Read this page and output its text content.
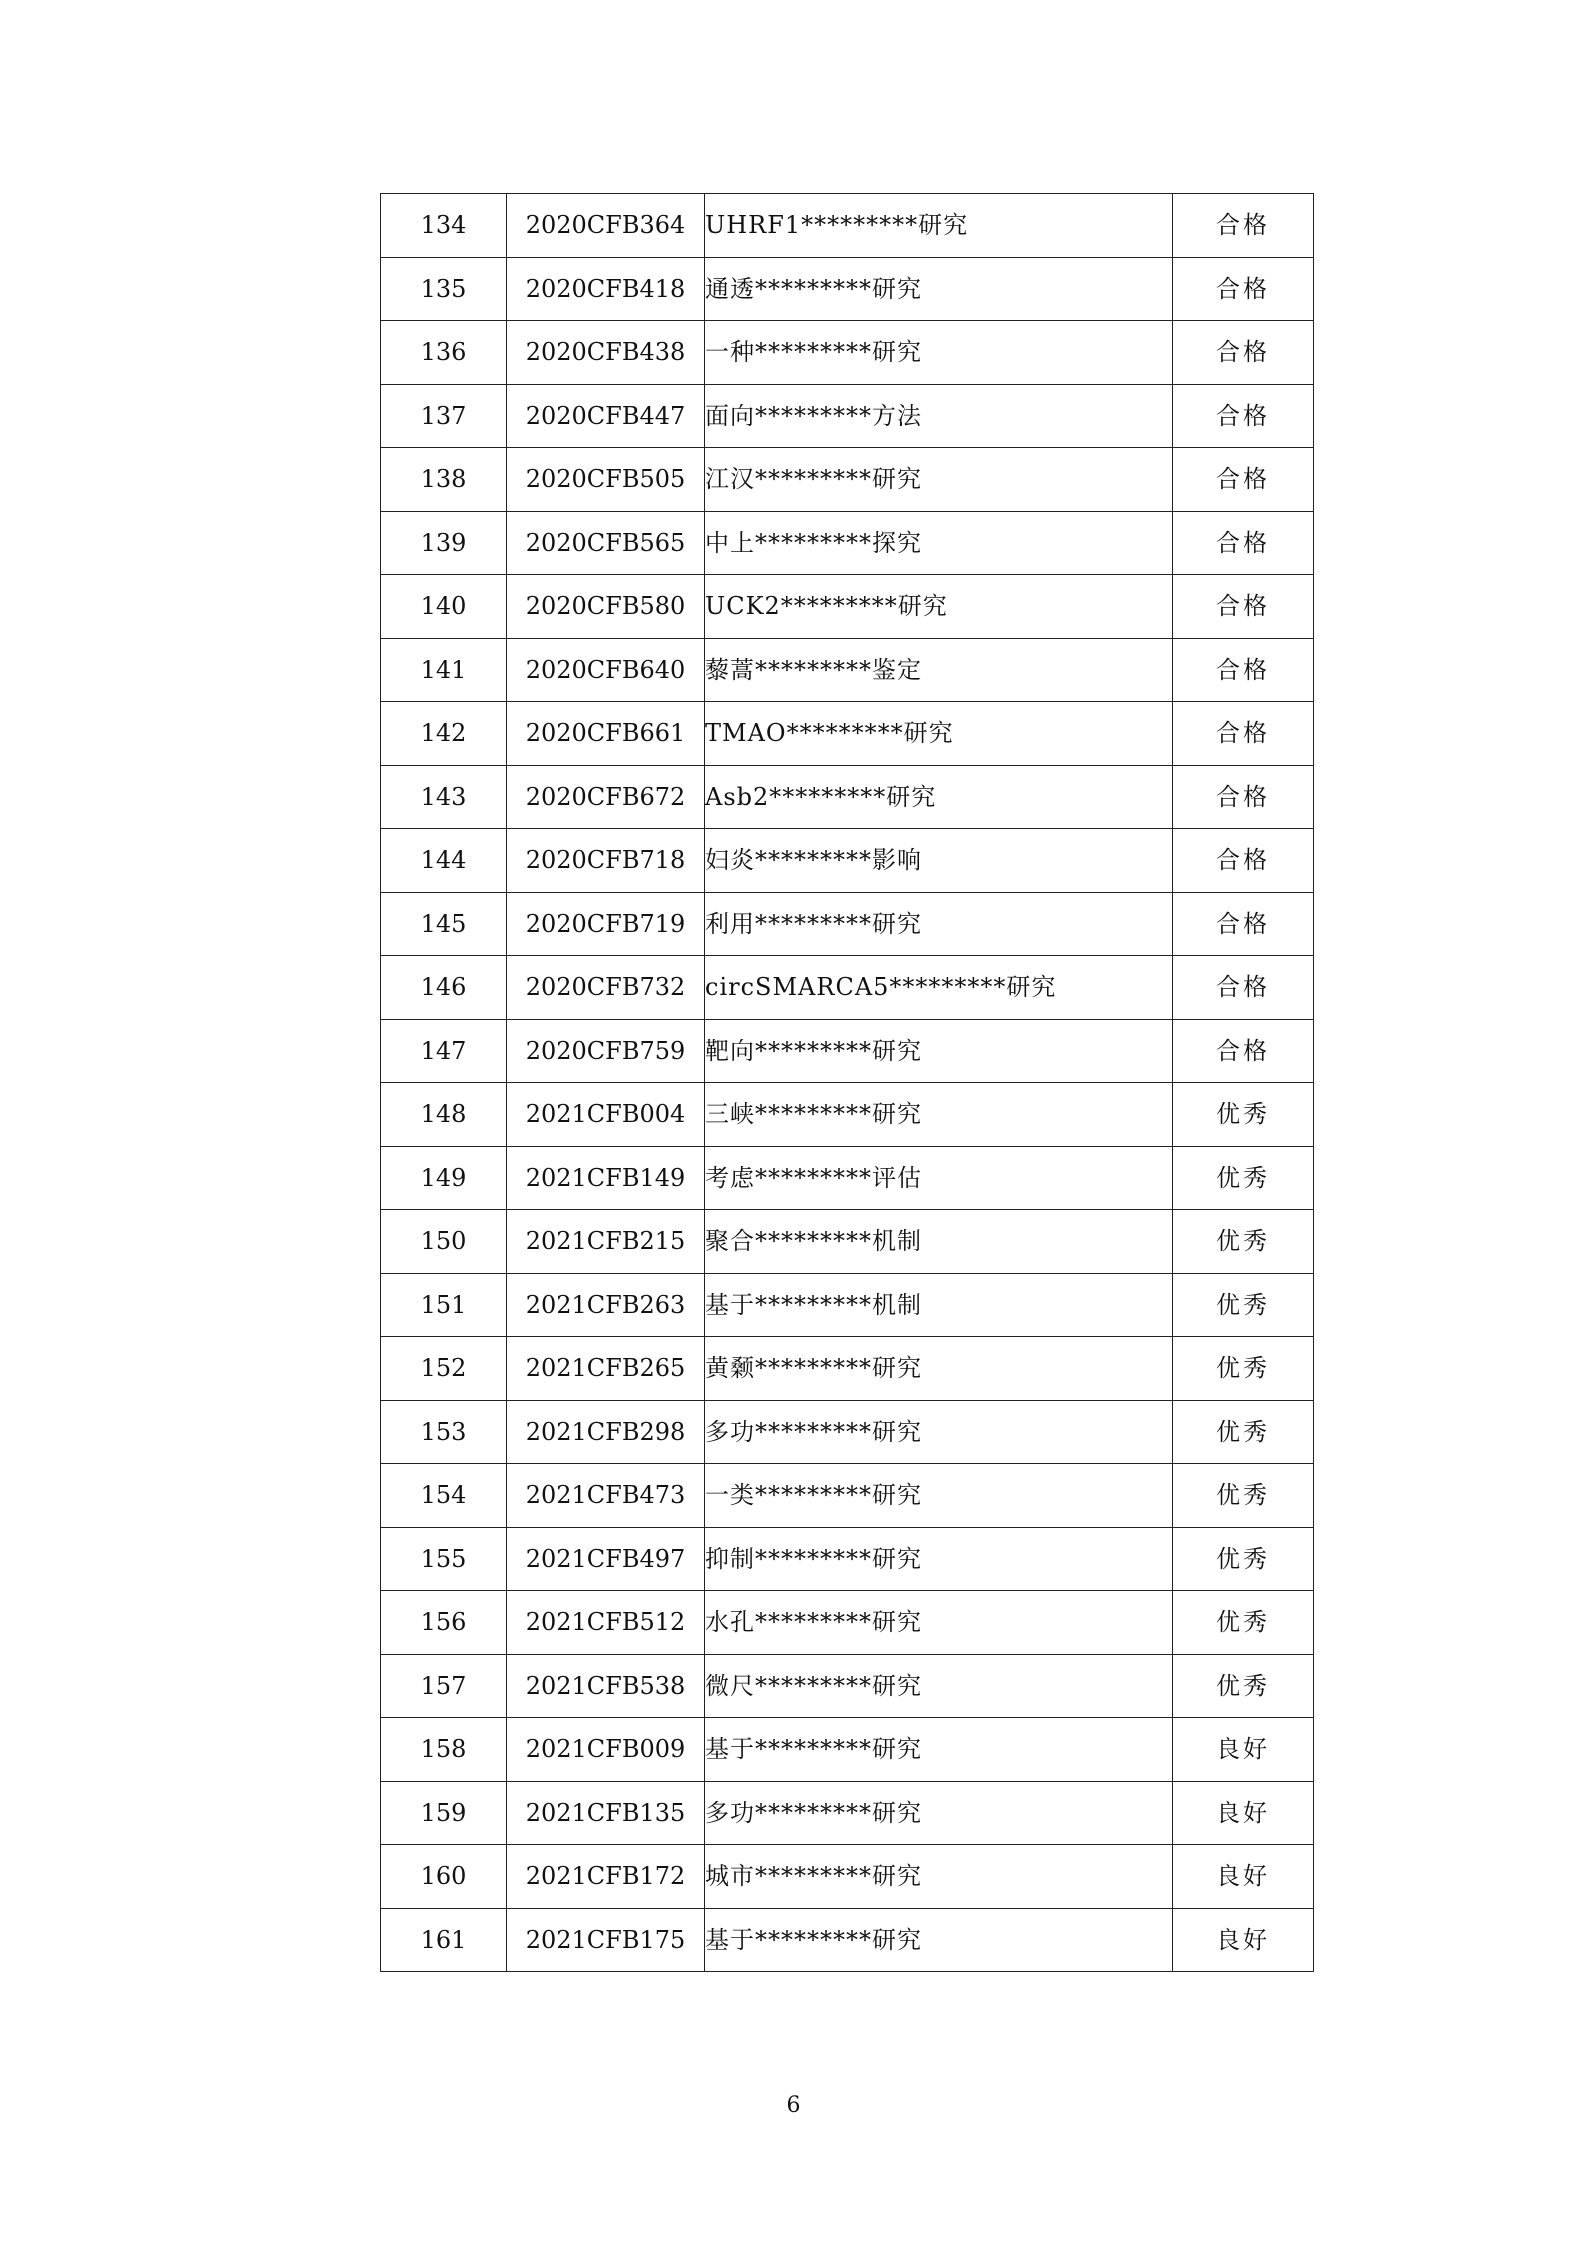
134	2020CFB364	UHRF1*********研究	合格
135	2020CFB418	通透*********研究	合格
136	2020CFB438	一种*********研究	合格
137	2020CFB447	面向*********方法	合格
138	2020CFB505	江汉*********研究	合格
139	2020CFB565	中上*********探究	合格
140	2020CFB580	UCK2*********研究	合格
141	2020CFB640	藜蒿*********鉴定	合格
142	2020CFB661	TMAO*********研究	合格
143	2020CFB672	Asb2*********研究	合格
144	2020CFB718	妇炎*********影响	合格
145	2020CFB719	利用*********研究	合格
146	2020CFB732	circSMARCA5*********研究	合格
147	2020CFB759	靶向*********研究	合格
148	2021CFB004	三峡*********研究	优秀
149	2021CFB149	考虑*********评估	优秀
150	2021CFB215	聚合*********机制	优秀
151	2021CFB263	基于*********机制	优秀
152	2021CFB265	黄颡*********研究	优秀
153	2021CFB298	多功*********研究	优秀
154	2021CFB473	一类*********研究	优秀
155	2021CFB497	抑制*********研究	优秀
156	2021CFB512	水孔*********研究	优秀
157	2021CFB538	微尺*********研究	优秀
158	2021CFB009	基于*********研究	良好
159	2021CFB135	多功*********研究	良好
160	2021CFB172	城市*********研究	良好
161	2021CFB175	基于*********研究	良好
6
